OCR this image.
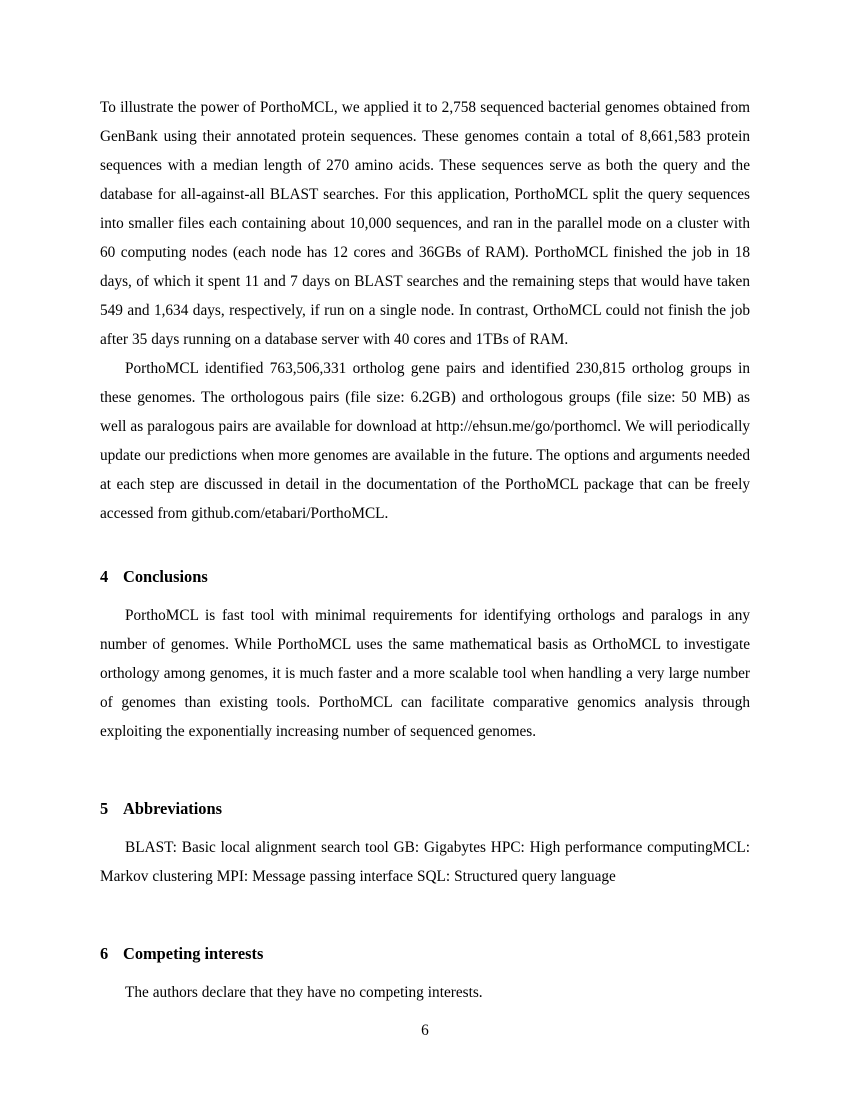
To illustrate the power of PorthoMCL, we applied it to 2,758 sequenced bacterial genomes obtained from GenBank using their annotated protein sequences. These genomes contain a total of 8,661,583 protein sequences with a median length of 270 amino acids. These sequences serve as both the query and the database for all-against-all BLAST searches. For this application, PorthoMCL split the query sequences into smaller files each containing about 10,000 sequences, and ran in the parallel mode on a cluster with 60 computing nodes (each node has 12 cores and 36GBs of RAM). PorthoMCL finished the job in 18 days, of which it spent 11 and 7 days on BLAST searches and the remaining steps that would have taken 549 and 1,634 days, respectively, if run on a single node. In contrast, OrthoMCL could not finish the job after 35 days running on a database server with 40 cores and 1TBs of RAM.

PorthoMCL identified 763,506,331 ortholog gene pairs and identified 230,815 ortholog groups in these genomes. The orthologous pairs (file size: 6.2GB) and orthologous groups (file size: 50 MB) as well as paralogous pairs are available for download at http://ehsun.me/go/porthomcl. We will periodically update our predictions when more genomes are available in the future. The options and arguments needed at each step are discussed in detail in the documentation of the PorthoMCL package that can be freely accessed from github.com/etabari/PorthoMCL.

4 Conclusions

PorthoMCL is fast tool with minimal requirements for identifying orthologs and paralogs in any number of genomes. While PorthoMCL uses the same mathematical basis as OrthoMCL to investigate orthology among genomes, it is much faster and a more scalable tool when handling a very large number of genomes than existing tools. PorthoMCL can facilitate comparative genomics analysis through exploiting the exponentially increasing number of sequenced genomes.

5 Abbreviations

BLAST: Basic local alignment search tool GB: Gigabytes HPC: High performance computingMCL: Markov clustering MPI: Message passing interface SQL: Structured query language

6 Competing interests

The authors declare that they have no competing interests.

6
